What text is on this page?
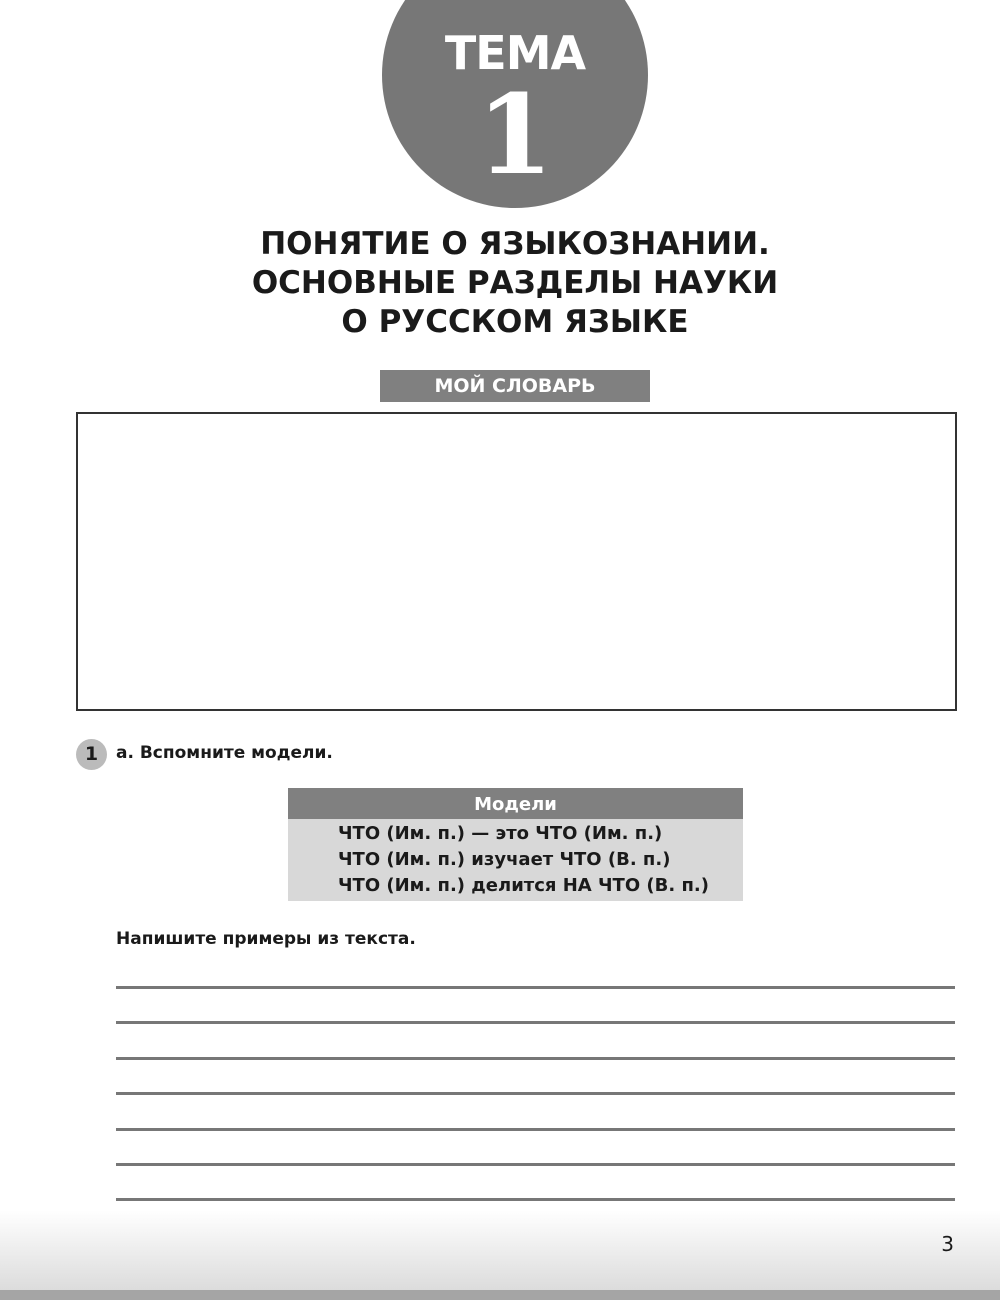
ТЕМА
1
ПОНЯТИЕ О ЯЗЫКОЗНАНИИ.
ОСНОВНЫЕ РАЗДЕЛЫ НАУКИ
О РУССКОМ ЯЗЫКЕ
МОЙ СЛОВАРЬ
1	а. Вспомните модели.
Модели
ЧТО (Им. п.) — это ЧТО (Им. п.)
ЧТО (Им. п.) изучает ЧТО (В. п.)
ЧТО (Им. п.) делится НА ЧТО (В. п.)
Напишите примеры из текста.
3
